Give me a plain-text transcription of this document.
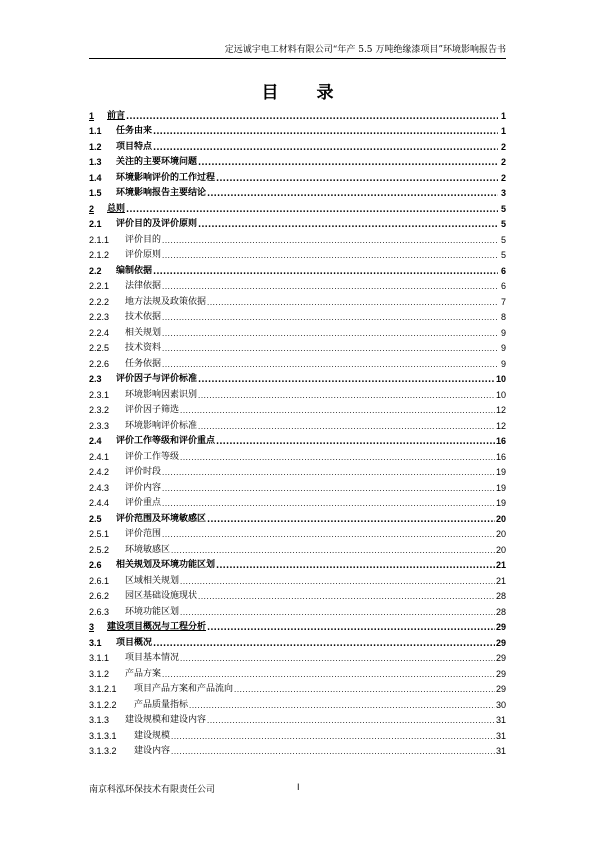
定远诚宇电工材料有限公司“年产 5.5 万吨绝缘漆项目”环境影响报告书
目 录
1	前言 .....	1
1.1	任务由来 .....	1
1.2	项目特点 .....	2
1.3	关注的主要环境问题 .....	2
1.4	环境影响评价的工作过程 .....	2
1.5	环境影响报告主要结论 .....	3
2	总则 .....	5
2.1	评价目的及评价原则 .....	5
2.1.1	评价目的 .....	5
2.1.2	评价原则 .....	5
2.2	编制依据 .....	6
2.2.1	法律依据 .....	6
2.2.2	地方法规及政策依据 .....	7
2.2.3	技术依据 .....	8
2.2.4	相关规划 .....	9
2.2.5	技术资料 .....	9
2.2.6	任务依据 .....	9
2.3	评价因子与评价标准 .....	10
2.3.1	环境影响因素识别 .....	10
2.3.2	评价因子筛选 .....	12
2.3.3	环境影响评价标准 .....	12
2.4	评价工作等级和评价重点 .....	16
2.4.1	评价工作等级 .....	16
2.4.2	评价时段 .....	19
2.4.3	评价内容 .....	19
2.4.4	评价重点 .....	19
2.5	评价范围及环境敏感区 .....	20
2.5.1	评价范围 .....	20
2.5.2	环境敏感区 .....	20
2.6	相关规划及环境功能区划 .....	21
2.6.1	区域相关规划 .....	21
2.6.2	园区基础设施现状 .....	28
2.6.3	环境功能区划 .....	28
3	建设项目概况与工程分析 .....	29
3.1	项目概况 .....	29
3.1.1	项目基本情况 .....	29
3.1.2	产品方案 .....	29
3.1.2.1	项目产品方案和产品流向 .....	29
3.1.2.2	产品质量指标 .....	30
3.1.3	建设规模和建设内容 .....	31
3.1.3.1	建设规模 .....	31
3.1.3.2	建设内容 .....	31
南京科泓环保技术有限责任公司	I
